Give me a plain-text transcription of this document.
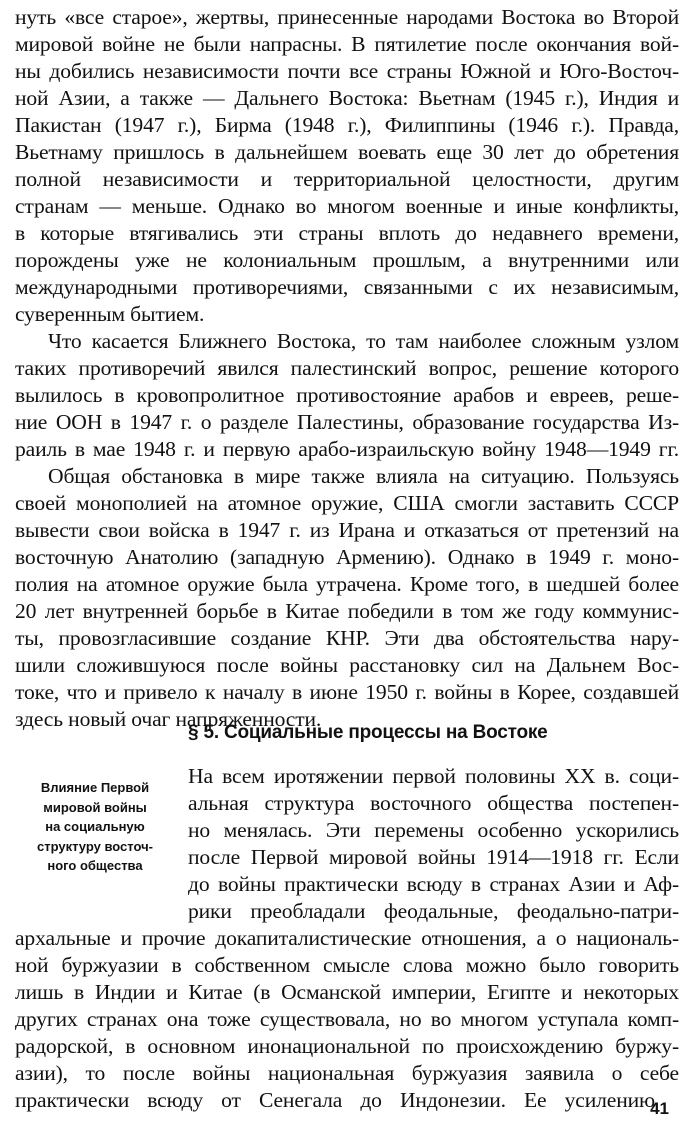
нуть «все старое», жертвы, принесенные народами Востока во Второй
мировой войне не были напрасны. В пятилетие после окончания вой-
ны добились независимости почти все страны Южной и Юго-Восточ-
ной Азии, а также — Дальнего Востока: Вьетнам (1945 г.), Индия и
Пакистан (1947 г.), Бирма (1948 г.), Филиппины (1946 г.). Правда,
Вьетнаму пришлось в дальнейшем воевать еще 30 лет до обретения
полной независимости и территориальной целостности, другим
странам — меньше. Однако во многом военные и иные конфликты,
в которые втягивались эти страны вплоть до недавнего времени,
порождены уже не колониальным прошлым, а внутренними или
международными противоречиями, связанными с их независимым,
суверенным бытием.
Что касается Ближнего Востока, то там наиболее сложным узлом
таких противоречий явился палестинский вопрос, решение которого
вылилось в кровопролитное противостояние арабов и евреев, реше-
ние ООН в 1947 г. о разделе Палестины, образование государства Из-
раиль в мае 1948 г. и первую арабо-израильскую войну 1948—1949 гг.
Общая обстановка в мире также влияла на ситуацию. Пользуясь
своей монополией на атомное оружие, США смогли заставить СССР
вывести свои войска в 1947 г. из Ирана и отказаться от претензий на
восточную Анатолию (западную Армению). Однако в 1949 г. моно-
полия на атомное оружие была утрачена. Кроме того, в шедшей более
20 лет внутренней борьбе в Китае победили в том же году коммунис-
ты, провозгласившие создание КНР. Эти два обстоятельства нару-
шили сложившуюся после войны расстановку сил на Дальнем Вос-
токе, что и привело к началу в июне 1950 г. войны в Корее, создавшей
здесь новый очаг напряженности.
§ 5. Социальные процессы на Востоке
Влияние Первой
мировой войны
на социальную
структуру восточ-
ного общества
На всем иротяжении первой половины XX в. соци-
альная структура восточного общества постепен-
но менялась. Эти перемены особенно ускорились
после Первой мировой войны 1914—1918 гг. Если
до войны практически всюду в странах Азии и Аф-
рики преобладали феодальные, феодально-патри-
архальные и прочие докапиталистические отношения, а о националь-
ной буржуазии в собственном смысле слова можно было говорить
лишь в Индии и Китае (в Османской империи, Египте и некоторых
других странах она тоже существовала, но во многом уступала комп-
радорской, в основном инонациональной по происхождению буржу-
азии), то после войны национальная буржуазия заявила о себе
практически всюду от Сенегала до Индонезии. Ее усилению
41
